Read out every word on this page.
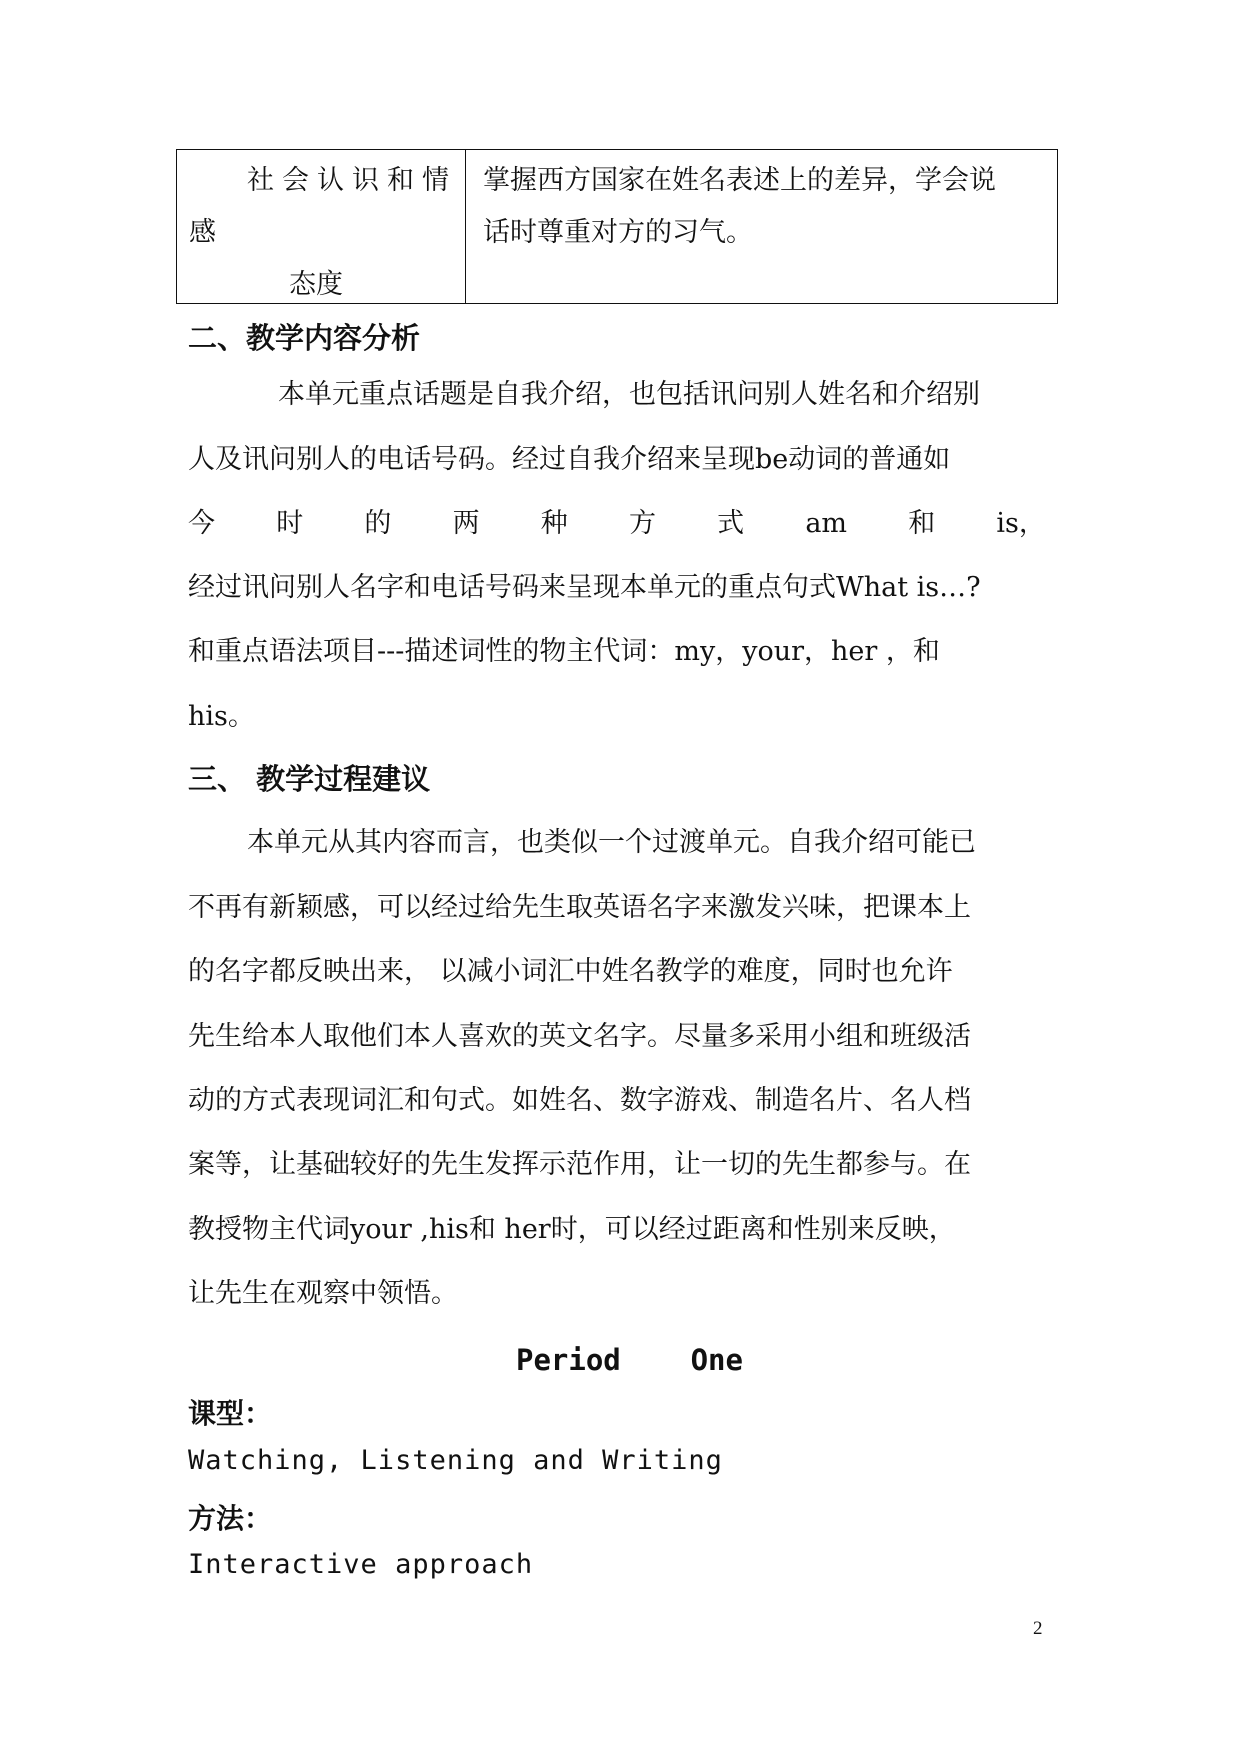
社会认识和情
感
态度
掌握西方国家在姓名表述上的差异，学会说
话时尊重对方的习气。
二、教学内容分析
本单元重点话题是自我介绍，也包括讯问别人姓名和介绍别
人及讯问别人的电话号码。经过自我介绍来呈现be动词的普通如
今 时 的 两 种 方 式 am 和 is，
经过讯问别人名字和电话号码来呈现本单元的重点句式What is…?
和重点语法项目---描述词性的物主代词：my，your，her ，和
his。
三、 教学过程建议
本单元从其内容而言，也类似一个过渡单元。自我介绍可能已
不再有新颖感，可以经过给先生取英语名字来激发兴味，把课本上
的名字都反映出来， 以减小词汇中姓名教学的难度，同时也允许
先生给本人取他们本人喜欢的英文名字。尽量多采用小组和班级活
动的方式表现词汇和句式。如姓名、数字游戏、制造名片、名人档
案等，让基础较好的先生发挥示范作用，让一切的先生都参与。在
教授物主代词your ,his和 her时，可以经过距离和性别来反映，
让先生在观察中领悟。
Period    One
课型：
Watching, Listening and Writing
方法：
Interactive approach
2
